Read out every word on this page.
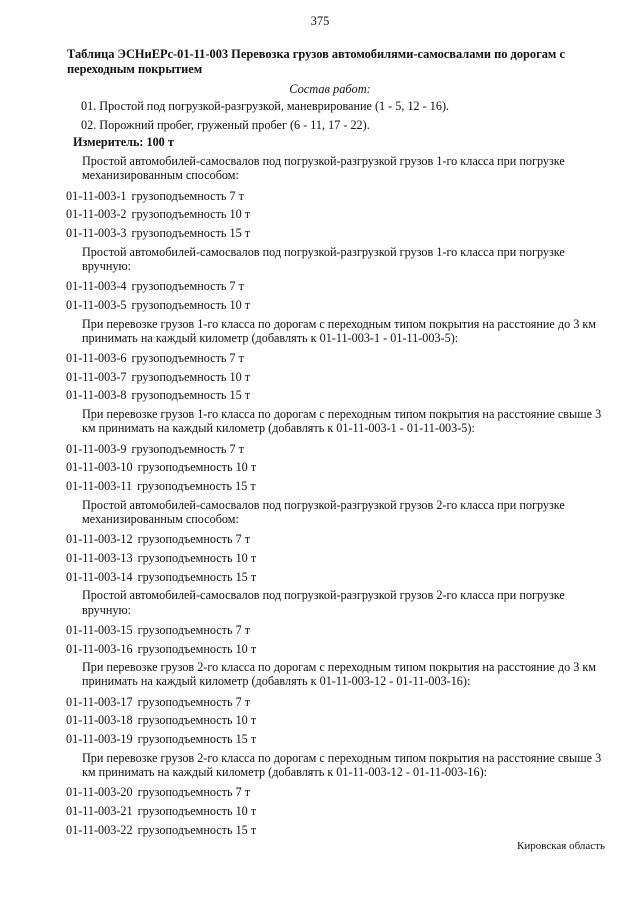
375
Таблица ЭСНиЕРс-01-11-003 Перевозка грузов автомобилями-самосвалами по дорогам с переходным покрытием
Состав работ:
01. Простой под погрузкой-разгрузкой, маневрирование (1 - 5, 12 - 16).
02. Порожний пробег, груженый пробег (6 - 11, 17 - 22).
Измеритель: 100 т
Простой автомобилей-самосвалов под погрузкой-разгрузкой грузов 1-го класса при погрузке механизированным способом:
01-11-003-1 грузоподъемность 7 т
01-11-003-2 грузоподъемность 10 т
01-11-003-3 грузоподъемность 15 т
Простой автомобилей-самосвалов под погрузкой-разгрузкой грузов 1-го класса при погрузке вручную:
01-11-003-4 грузоподъемность 7 т
01-11-003-5 грузоподъемность 10 т
При перевозке грузов 1-го класса по дорогам с переходным типом покрытия на расстояние до 3 км принимать на каждый километр (добавлять к 01-11-003-1 - 01-11-003-5):
01-11-003-6 грузоподъемность 7 т
01-11-003-7 грузоподъемность 10 т
01-11-003-8 грузоподъемность 15 т
При перевозке грузов 1-го класса по дорогам с переходным типом покрытия на расстояние свыше 3 км принимать на каждый километр (добавлять к 01-11-003-1 - 01-11-003-5):
01-11-003-9 грузоподъемность 7 т
01-11-003-10 грузоподъемность 10 т
01-11-003-11 грузоподъемность 15 т
Простой автомобилей-самосвалов под погрузкой-разгрузкой грузов 2-го класса при погрузке механизированным способом:
01-11-003-12 грузоподъемность 7 т
01-11-003-13 грузоподъемность 10 т
01-11-003-14 грузоподъемность 15 т
Простой автомобилей-самосвалов под погрузкой-разгрузкой грузов 2-го класса при погрузке вручную:
01-11-003-15 грузоподъемность 7 т
01-11-003-16 грузоподъемность 10 т
При перевозке грузов 2-го класса по дорогам с переходным типом покрытия на расстояние до 3 км принимать на каждый километр (добавлять к 01-11-003-12 - 01-11-003-16):
01-11-003-17 грузоподъемность 7 т
01-11-003-18 грузоподъемность 10 т
01-11-003-19 грузоподъемность 15 т
При перевозке грузов 2-го класса по дорогам с переходным типом покрытия на расстояние свыше 3 км принимать на каждый километр (добавлять к 01-11-003-12 - 01-11-003-16):
01-11-003-20 грузоподъемность 7 т
01-11-003-21 грузоподъемность 10 т
01-11-003-22 грузоподъемность 15 т
Кировская область
